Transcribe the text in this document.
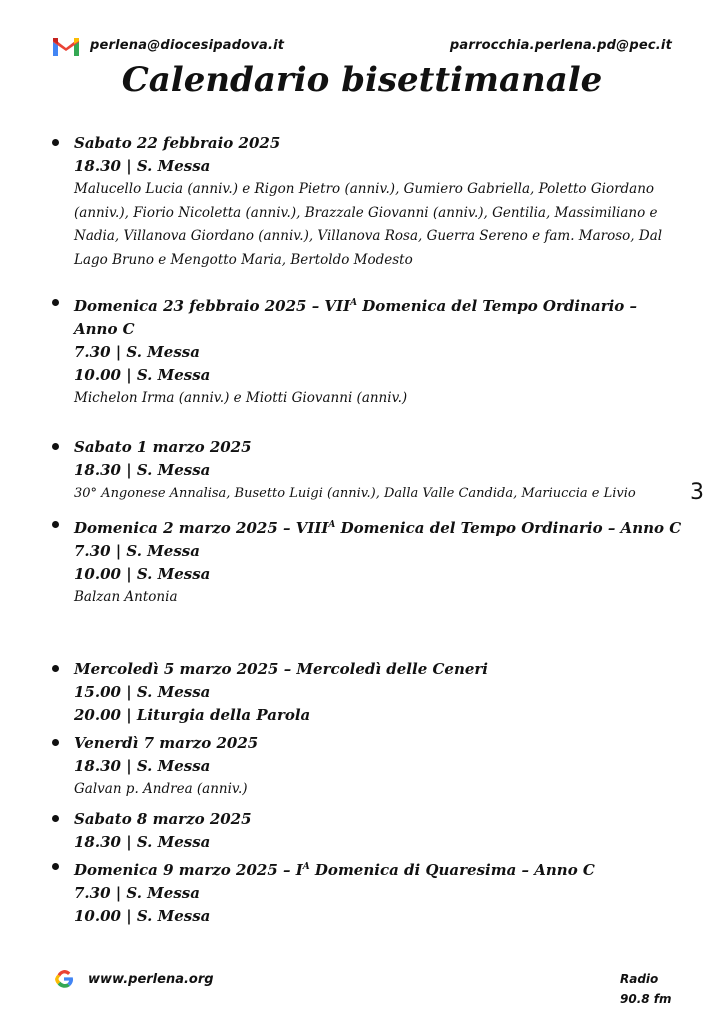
perlena@diocesipadova.it	parrocchia.perlena.pd@pec.it
Calendario bisettimanale
3
Sabato 22 febbraio 2025
18.30 | S. Messa
Malucello Lucia (anniv.) e Rigon Pietro (anniv.), Gumiero Gabriella, Poletto Giordano (anniv.), Fiorio Nicoletta (anniv.), Brazzale Giovanni (anniv.), Gentilia, Massimiliano e Nadia, Villanova Giordano (anniv.), Villanova Rosa, Guerra Sereno e fam. Maroso, Dal Lago Bruno e Mengotto Maria, Bertoldo Modesto
Domenica 23 febbraio $2025 - VII^A$ Domenica del Tempo Ordinario – Anno C
7.30 | S. Messa
10.00 | S. Messa
Michelon Irma (anniv.) e Miotti Giovanni (anniv.)
Sabato 1 marzo 2025
18.30 | S. Messa
30° Angonese Annalisa, Busetto Luigi (anniv.), Dalla Valle Candida, Mariuccia e Livio
Domenica 2 marzo $2025 - VIII^A$ Domenica del Tempo Ordinario – Anno C
7.30 | S. Messa
10.00 | S. Messa
Balzan Antonia
Mercoledì 5 marzo 2025 – Mercoledì delle Ceneri
15.00 | S. Messa
20.00 | Liturgia della Parola
Venerdì 7 marzo 2025
18.30 | S. Messa
Galvan p. Andrea (anniv.)
Sabato 8 marzo 2025
18.30 | S. Messa
Domenica 9 marzo $2025 - I^A$ Domenica di Quaresima – Anno C
7.30 | S. Messa
10.00 | S. Messa
www.perlena.org	Radio
90.8 fm
